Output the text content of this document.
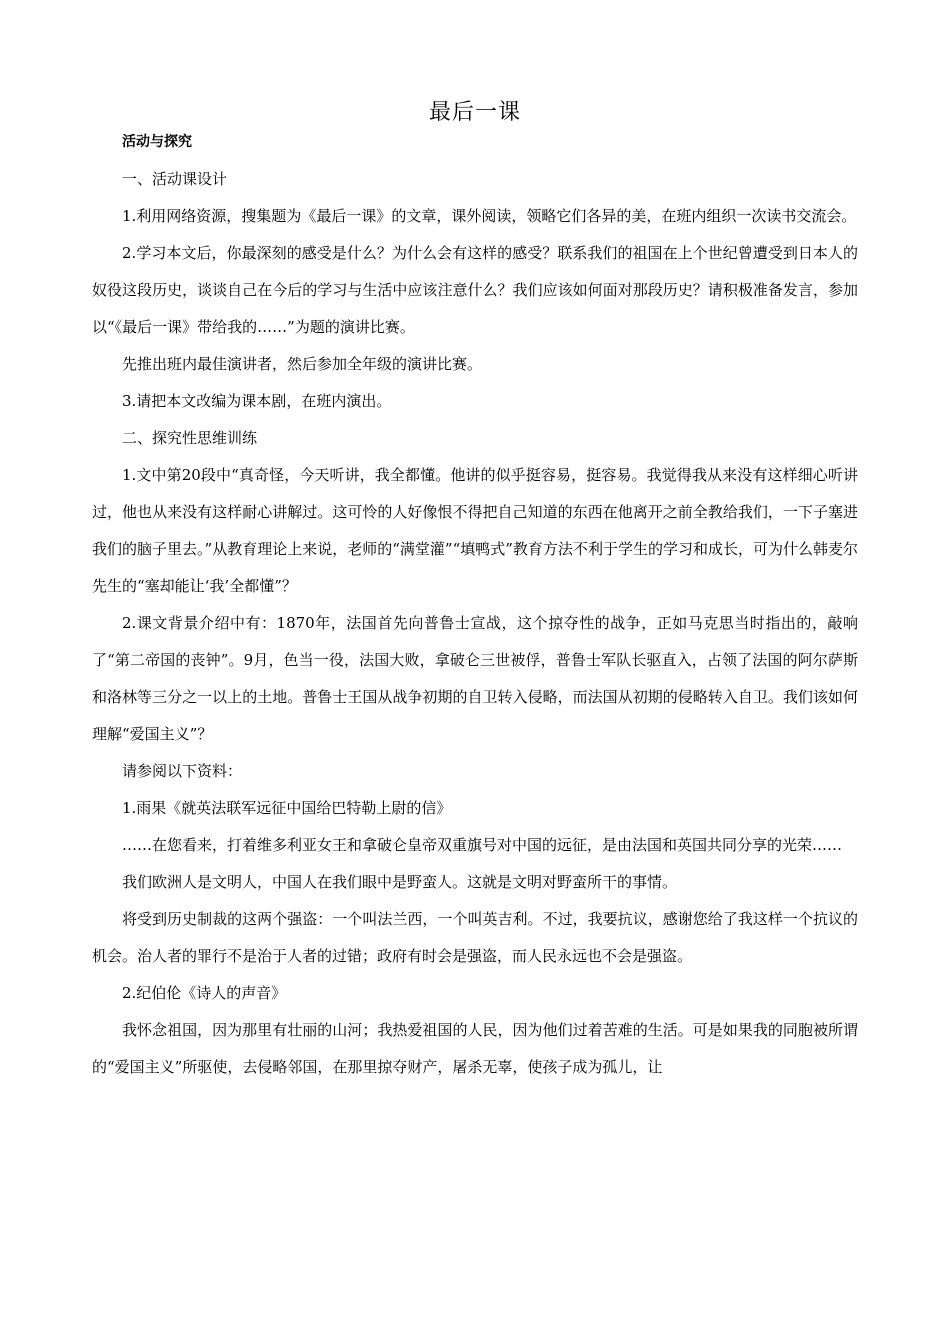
最后一课

活动与探究

一、活动课设计

1.利用网络资源，搜集题为《最后一课》的文章，课外阅读，领略它们各异的美，在班内组织一次读书交流会。

2.学习本文后，你最深刻的感受是什么？为什么会有这样的感受？联系我们的祖国在上个世纪曾遭受到日本人的奴役这段历史，谈谈自己在今后的学习与生活中应该注意什么？我们应该如何面对那段历史？请积极准备发言，参加以“《最后一课》带给我的……”为题的演讲比赛。

先推出班内最佳演讲者，然后参加全年级的演讲比赛。

3.请把本文改编为课本剧，在班内演出。

二、探究性思维训练

1.文中第20段中“真奇怪，今天听讲，我全都懂。他讲的似乎挺容易，挺容易。我觉得我从来没有这样细心听讲过，他也从来没有这样耐心讲解过。这可怜的人好像恨不得把自己知道的东西在他离开之前全教给我们，一下子塞进我们的脑子里去。”从教育理论上来说，老师的“满堂灌”“填鸭式”教育方法不利于学生的学习和成长，可为什么韩麦尔先生的“塞却能让‘我’全都懂”？

2.课文背景介绍中有：1870年，法国首先向普鲁士宣战，这个掠夺性的战争，正如马克思当时指出的，敲响了“第二帝国的丧钟”。9月，色当一役，法国大败，拿破仑三世被俘，普鲁士军队长驱直入，占领了法国的阿尔萨斯和洛林等三分之一以上的土地。普鲁士王国从战争初期的自卫转入侵略，而法国从初期的侵略转入自卫。我们该如何理解“爱国主义”？

请参阅以下资料：

1.雨果《就英法联军远征中国给巴特勒上尉的信》

……在您看来，打着维多利亚女王和拿破仑皇帝双重旗号对中国的远征，是由法国和英国共同分享的光荣……

我们欧洲人是文明人，中国人在我们眼中是野蛮人。这就是文明对野蛮所干的事情。

将受到历史制裁的这两个强盗：一个叫法兰西，一个叫英吉利。不过，我要抗议，感谢您给了我这样一个抗议的机会。治人者的罪行不是治于人者的过错；政府有时会是强盗，而人民永远也不会是强盗。

2.纪伯伦《诗人的声音》

我怀念祖国，因为那里有壮丽的山河；我热爱祖国的人民，因为他们过着苦难的生活。可是如果我的同胞被所谓的“爱国主义”所驱使，去侵略邻国，在那里掠夺财产，屠杀无辜，使孩子成为孤儿，让
